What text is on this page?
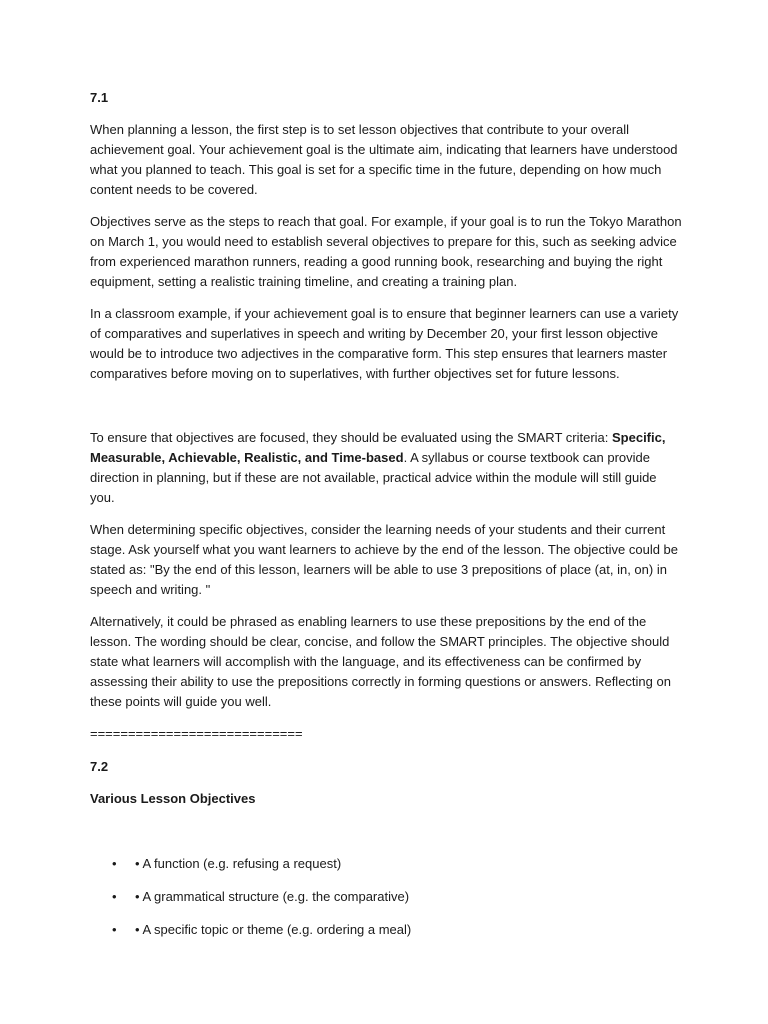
7.1

When planning a lesson, the first step is to set lesson objectives that contribute to your overall achievement goal. Your achievement goal is the ultimate aim, indicating that learners have understood what you planned to teach. This goal is set for a specific time in the future, depending on how much content needs to be covered.

Objectives serve as the steps to reach that goal. For example, if your goal is to run the Tokyo Marathon on March 1, you would need to establish several objectives to prepare for this, such as seeking advice from experienced marathon runners, reading a good running book, researching and buying the right equipment, setting a realistic training timeline, and creating a training plan.

In a classroom example, if your achievement goal is to ensure that beginner learners can use a variety of comparatives and superlatives in speech and writing by December 20, your first lesson objective would be to introduce two adjectives in the comparative form. This step ensures that learners master comparatives before moving on to superlatives, with further objectives set for future lessons.

To ensure that objectives are focused, they should be evaluated using the SMART criteria: Specific, Measurable, Achievable, Realistic, and Time-based. A syllabus or course textbook can provide direction in planning, but if these are not available, practical advice within the module will still guide you.

When determining specific objectives, consider the learning needs of your students and their current stage. Ask yourself what you want learners to achieve by the end of the lesson. The objective could be stated as: "By the end of this lesson, learners will be able to use 3 prepositions of place (at, in, on) in speech and writing. "

Alternatively, it could be phrased as enabling learners to use these prepositions by the end of the lesson. The wording should be clear, concise, and follow the SMART principles. The objective should state what learners will accomplish with the language, and its effectiveness can be confirmed by assessing their ability to use the prepositions correctly in forming questions or answers. Reflecting on these points will guide you well.

============================
7.2
Various Lesson Objectives
• • A function (e.g. refusing a request)
• • A grammatical structure (e.g. the comparative)
• • A specific topic or theme (e.g. ordering a meal)
